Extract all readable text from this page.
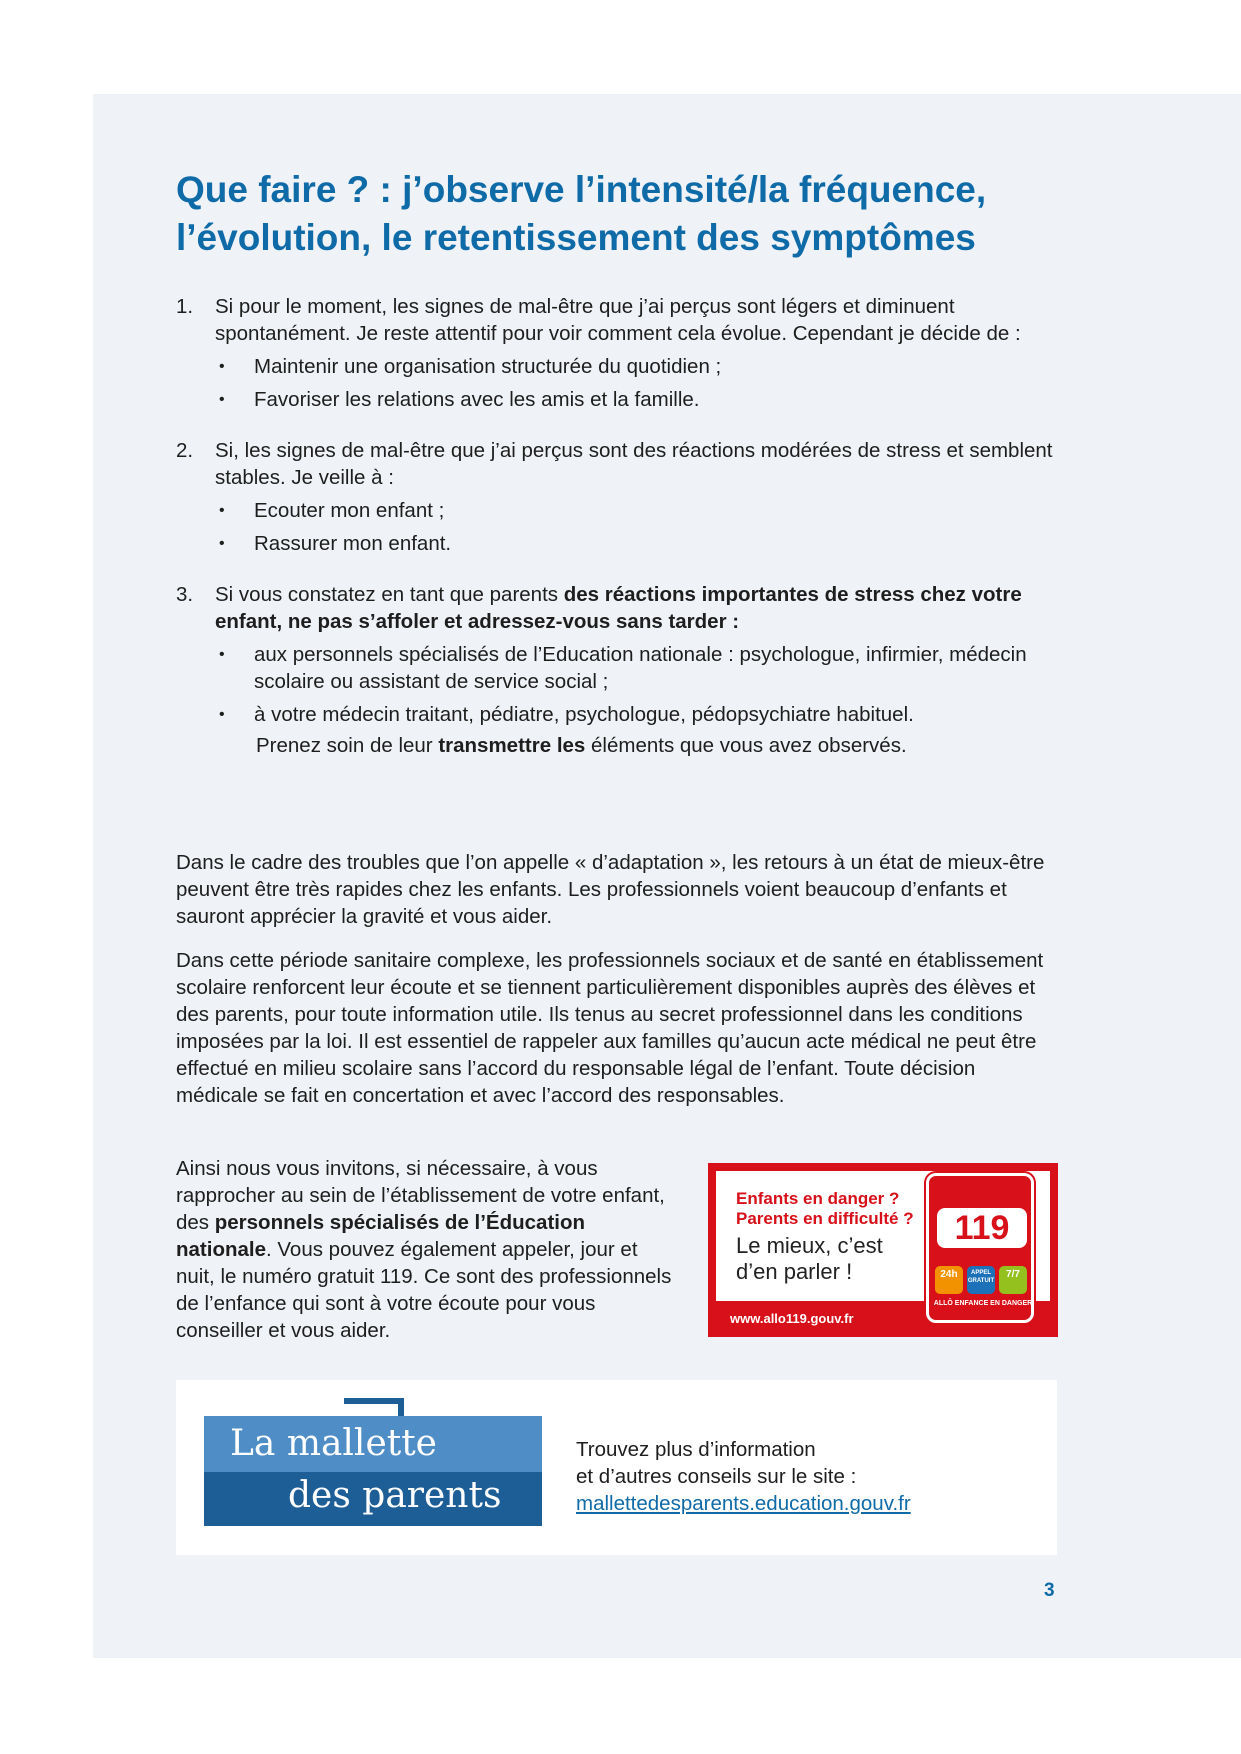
Que faire ? : j’observe l’intensité/la fréquence, l’évolution, le retentissement des symptômes
1. Si pour le moment, les signes de mal-être que j’ai perçus sont légers et diminuent spontanément. Je reste attentif pour voir comment cela évolue. Cependant je décide de :
• Maintenir une organisation structurée du quotidien ;
• Favoriser les relations avec les amis et la famille.
2. Si, les signes de mal-être que j’ai perçus sont des réactions modérées de stress et semblent stables. Je veille à :
• Ecouter mon enfant ;
• Rassurer mon enfant.
3. Si vous constatez en tant que parents des réactions importantes de stress chez votre enfant, ne pas s’affoler et adressez-vous sans tarder :
• aux personnels spécialisés de l’Education nationale : psychologue, infirmier, médecin scolaire ou assistant de service social ;
• à votre médecin traitant, pédiatre, psychologue, pédopsychiatre habituel.
Prenez soin de leur transmettre les éléments que vous avez observés.

Dans le cadre des troubles que l’on appelle « d’adaptation », les retours à un état de mieux-être peuvent être très rapides chez les enfants. Les professionnels voient beaucoup d’enfants et sauront apprécier la gravité et vous aider.

Dans cette période sanitaire complexe, les professionnels sociaux et de santé en établissement scolaire renforcent leur écoute et se tiennent particulièrement disponibles auprès des élèves et des parents, pour toute information utile. Ils tenus au secret professionnel dans les conditions imposées par la loi. Il est essentiel de rappeler aux familles qu’aucun acte médical ne peut être effectué en milieu scolaire sans l’accord du responsable légal de l’enfant. Toute décision médicale se fait en concertation et avec l’accord des responsables.

Ainsi nous vous invitons, si nécessaire, à vous rapprocher au sein de l’établissement de votre enfant, des personnels spécialisés de l’Éducation nationale. Vous pouvez également appeler, jour et nuit, le numéro gratuit 119. Ce sont des professionnels de l’enfance qui sont à votre écoute pour vous conseiller et vous aider.

Enfants en danger ?
Parents en difficulté ?
Le mieux, c’est d’en parler !
119
24h	APPEL GRATUIT
7/7
ALLÔ ENFANCE EN DANGER
www.allo119.gouv.fr
La mallette
des parents
Trouvez plus d’information
et d’autres conseils sur le site :
mallettedesparents.education.gouv.fr
3
